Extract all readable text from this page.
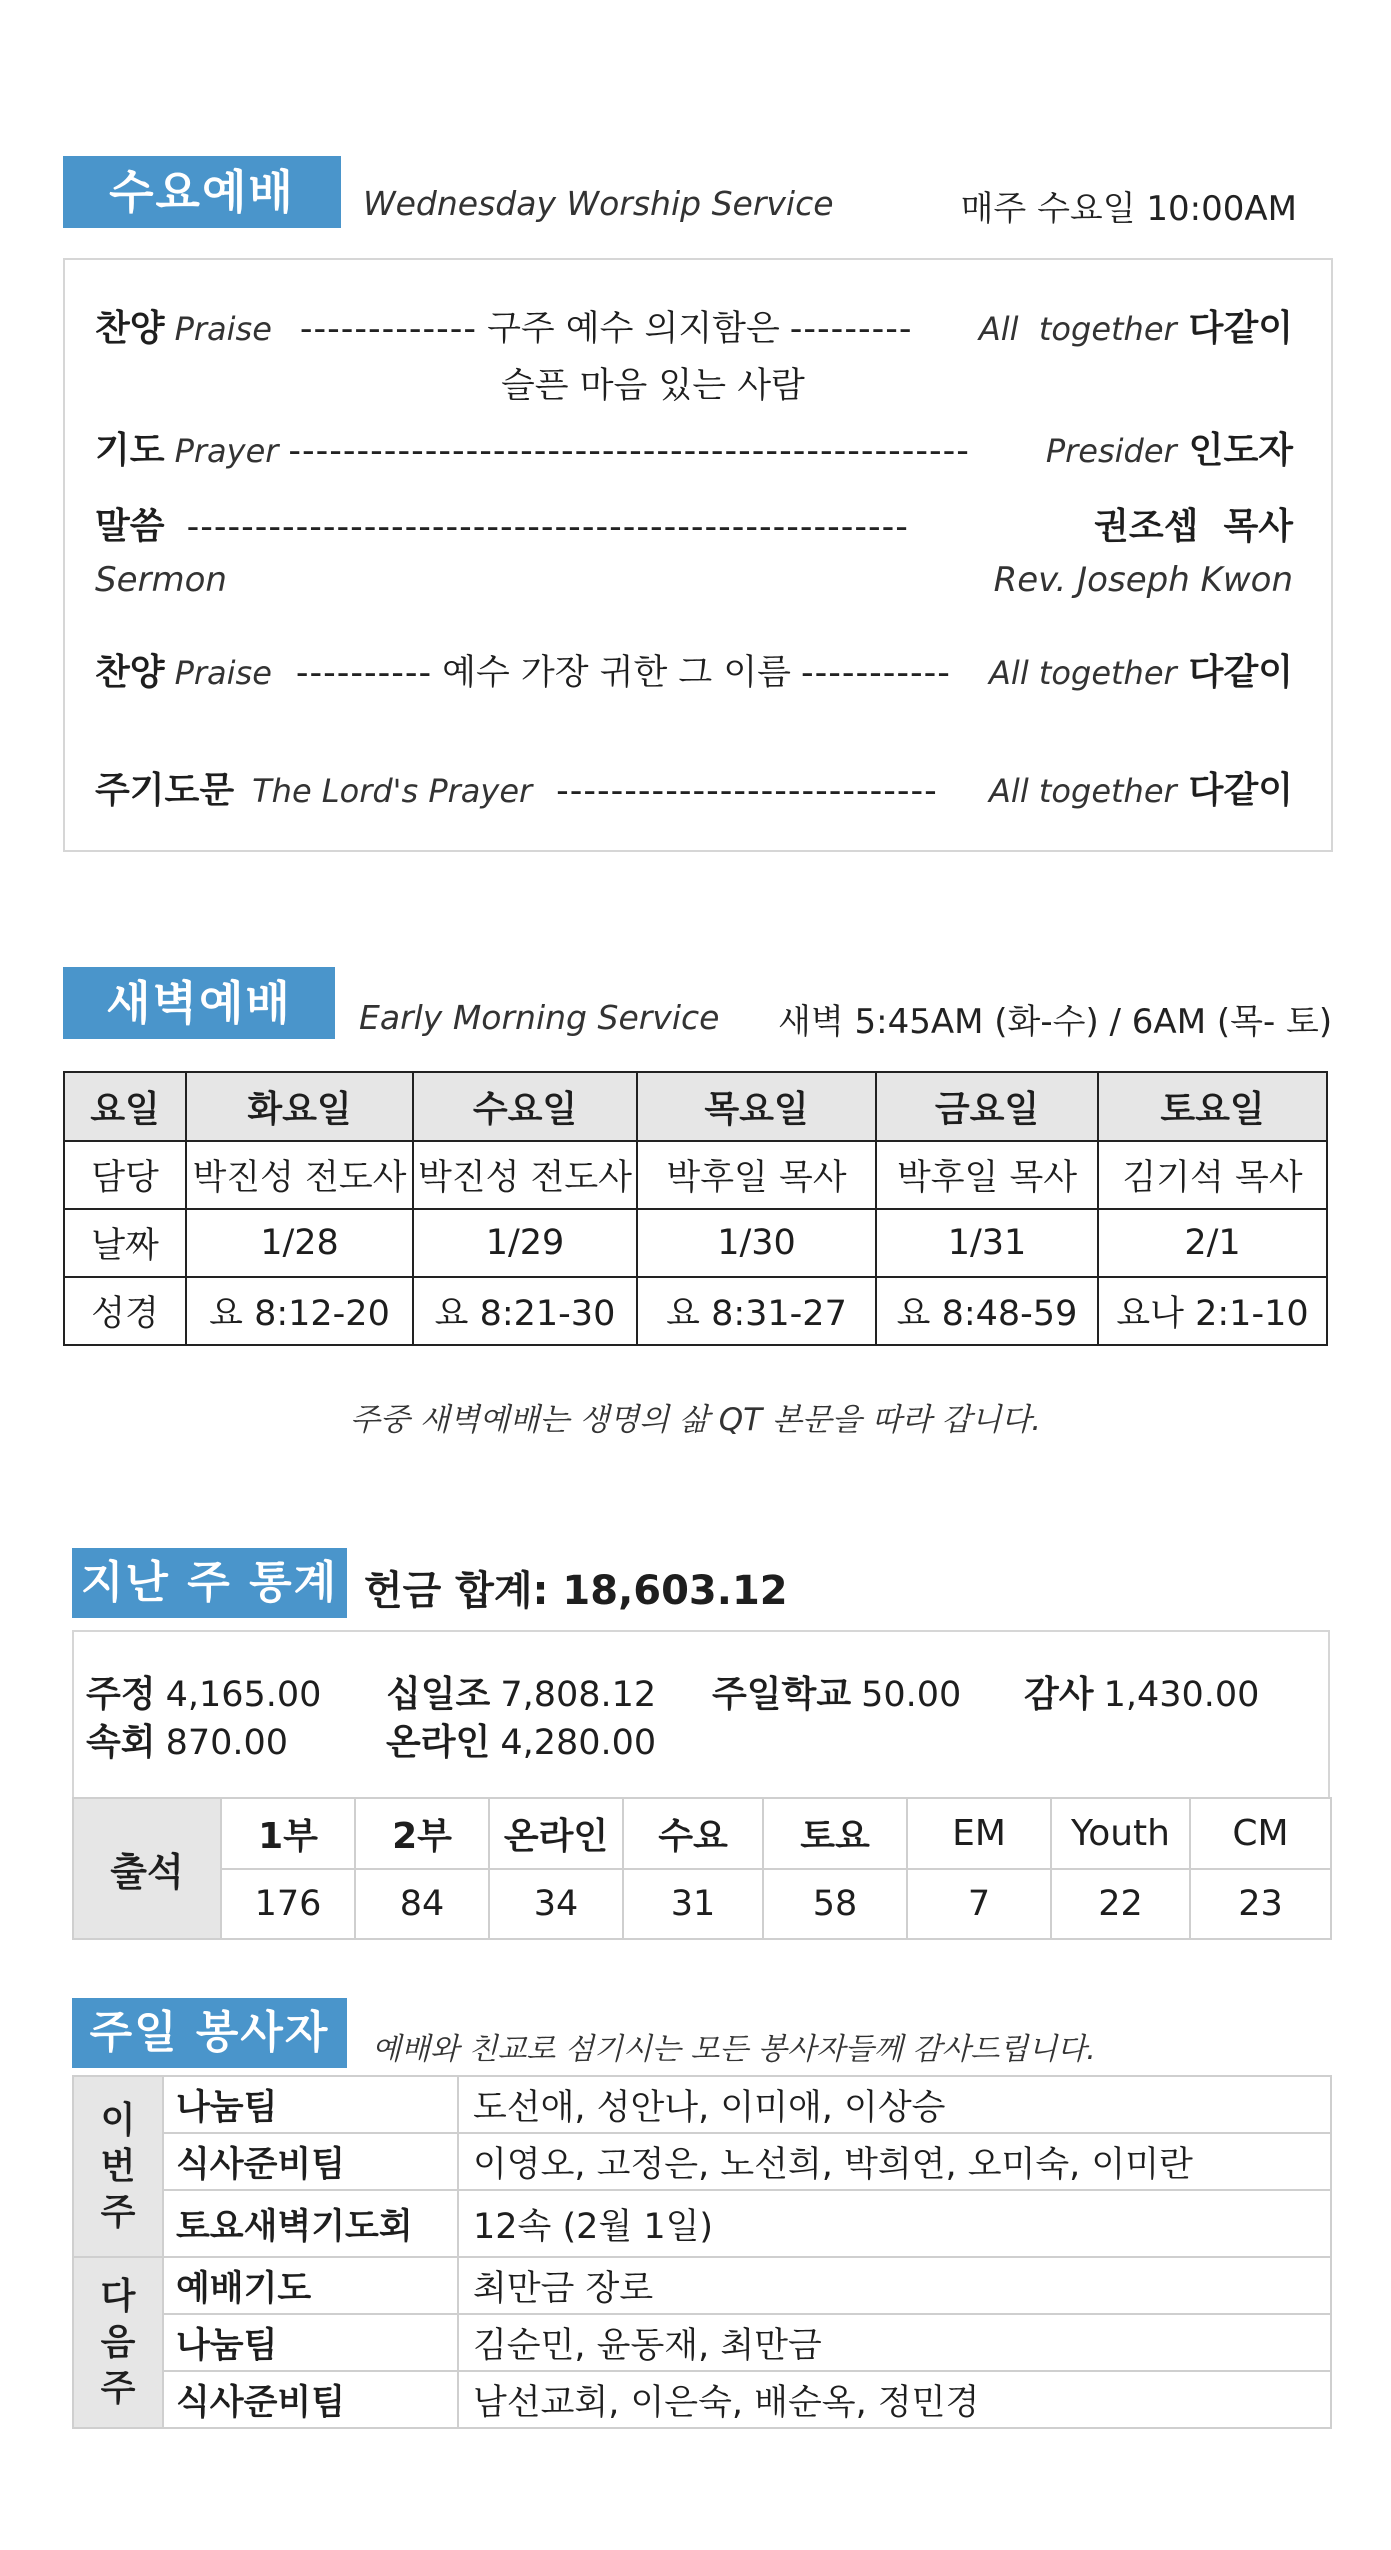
수요예배	Wednesday Worship Service	매주 수요일 10:00AM
찬양 Praise ------------- 구주 예수 의지함은 ---------	All  together 다같이
슬픈 마음 있는 사람
기도 Prayer --------------------------------------------------	Presider 인도자
말씀 -----------------------------------------------------	권조셉  목사
Sermon	Rev. Joseph Kwon
찬양 Praise ---------- 예수 가장 귀한 그 이름 -----------	All together 다같이
주기도문 The Lord's Prayer ----------------------------	All together 다같이
새벽예배	Early Morning Service 새벽 5:45AM (화-수) / 6AM (목- 토)
요일	화요일	수요일	목요일	금요일	토요일
담당	박진성 전도사	박진성 전도사	박후일 목사	박후일 목사	김기석 목사
날짜	1/28	1/29	1/30	1/31	2/1
성경	요 8:12-20	요 8:21-30	요 8:31-27	요 8:48-59	요나 2:1-10
주중 새벽예배는 생명의 삶 QT 본문을 따라 갑니다.
지난 주 통계 헌금 합계: 18,603.12
주정 4,165.00 십일조 7,808.12 주일학교 50.00 감사 1,430.00
속회 870.00	온라인 4,280.00
출석	1부	2부	온라인	수요	토요	EM	Youth	CM
	176	84	34	31	58	7	22	23
주일 봉사자	예배와 친교로 섬기시는 모든 봉사자들께 감사드립니다.
이
번
주	나눔팀	도선애, 성안나, 이미애, 이상승
	식사준비팀	이영오, 고정은, 노선희, 박희연, 오미숙, 이미란
	토요새벽기도회	12속 (2월 1일)
다
음
주	예배기도	최만금 장로
	나눔팀	김순민, 윤동재, 최만금
	식사준비팀	남선교회, 이은숙, 배순옥, 정민경
